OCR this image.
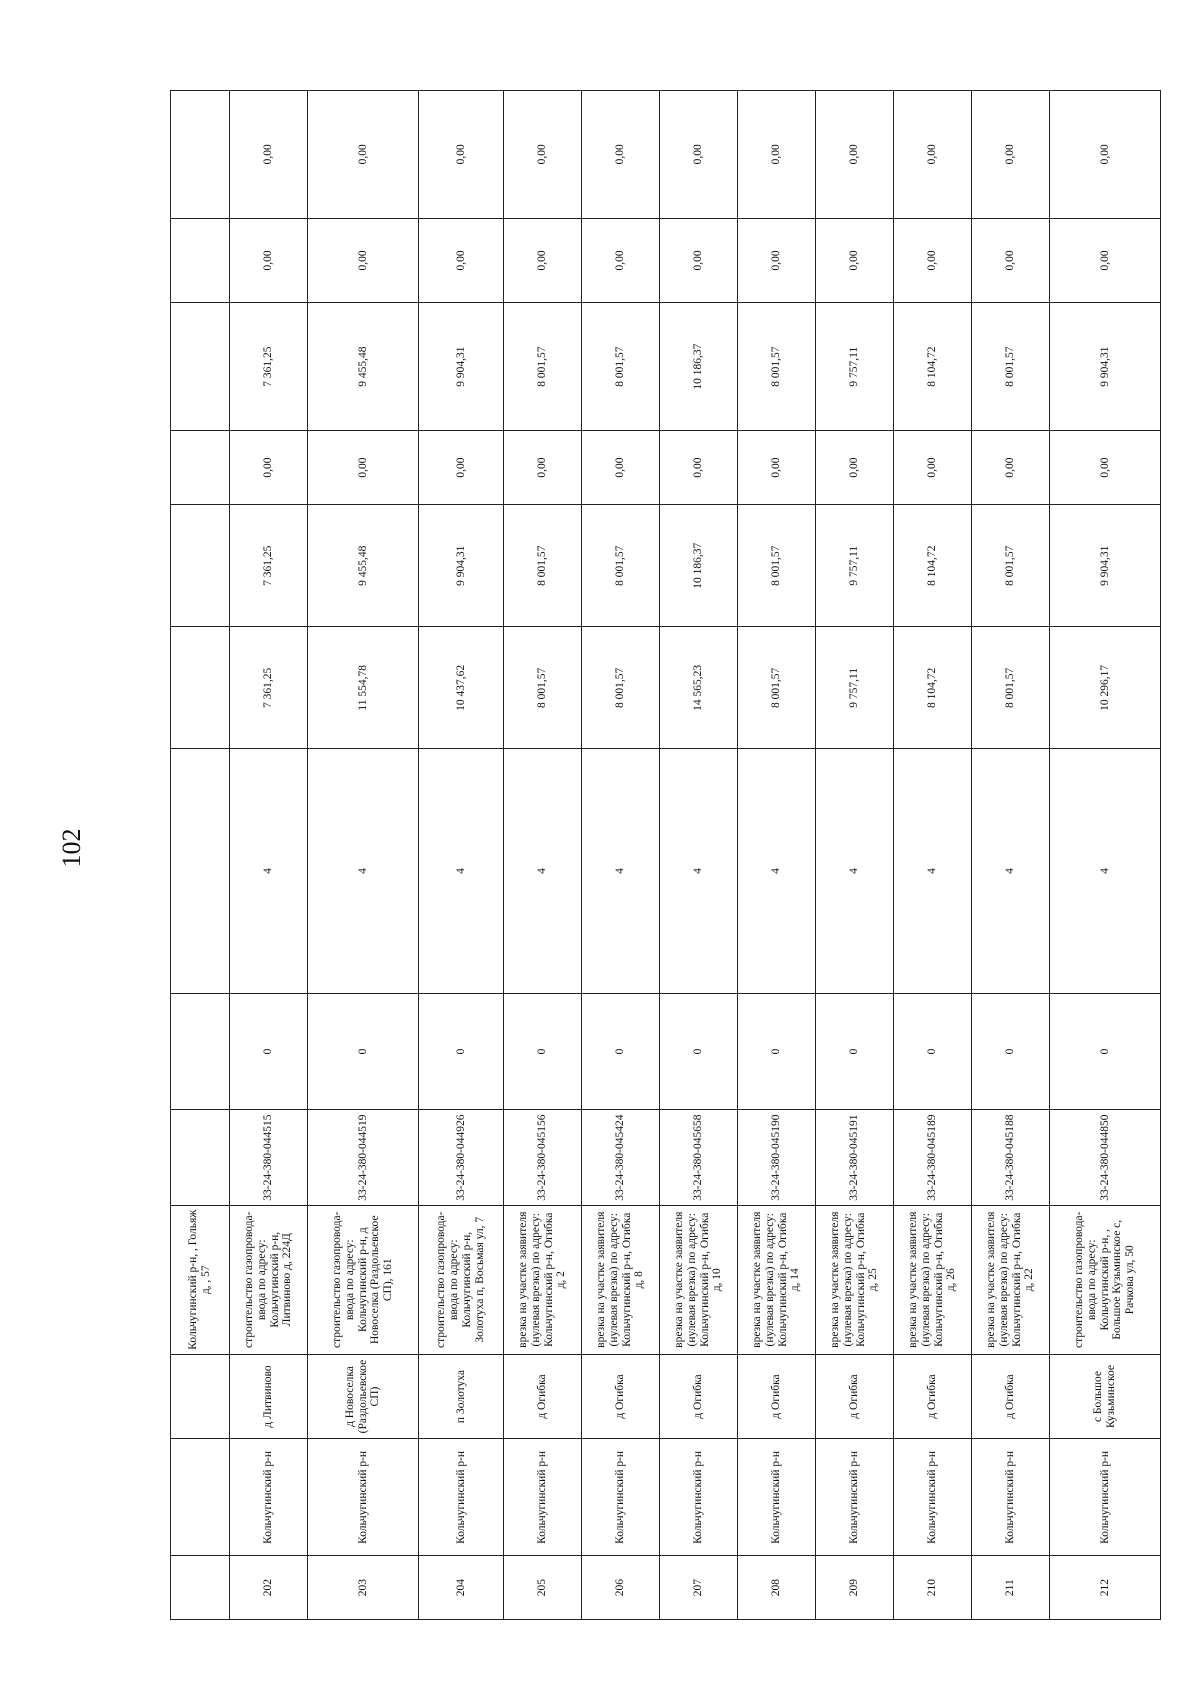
102
			Кольчугинский р-н, , Гольяж д, , 57									
202	Кольчугинский р-н	д Литвиново	строительство газопровода-ввода по адресу: Кольчугинский р-н, Литвиново д, 224Д	33-24-380-044515	0	4	7 361,25	7 361,25	0,00	7 361,25	0,00	0,00
203	Кольчугинский р-н	д Новоселка (Раздольевское СП)	строительство газопровода-ввода по адресу: Кольчугинский р-н, д Новоселка (Раздольевское СП), 161	33-24-380-044519	0	4	11 554,78	9 455,48	0,00	9 455,48	0,00	0,00
204	Кольчугинский р-н	п Золотуха	строительство газопровода-ввода по адресу: Кольчугинский р-н, Золотуха п, Восьмая ул, 7	33-24-380-044926	0	4	10 437,62	9 904,31	0,00	9 904,31	0,00	0,00
205	Кольчугинский р-н	д Огибка	врезка на участке заявителя (нулевая врезка) по адресу: Кольчугинский р-н, Огибка д, 2	33-24-380-045156	0	4	8 001,57	8 001,57	0,00	8 001,57	0,00	0,00
206	Кольчугинский р-н	д Огибка	врезка на участке заявителя (нулевая врезка) по адресу: Кольчугинский р-н, Огибка д, 8	33-24-380-045424	0	4	8 001,57	8 001,57	0,00	8 001,57	0,00	0,00
207	Кольчугинский р-н	д Огибка	врезка на участке заявителя (нулевая врезка) по адресу: Кольчугинский р-н, Огибка д, 10	33-24-380-045658	0	4	14 565,23	10 186,37	0,00	10 186,37	0,00	0,00
208	Кольчугинский р-н	д Огибка	врезка на участке заявителя (нулевая врезка) по адресу: Кольчугинский р-н, Огибка д, 14	33-24-380-045190	0	4	8 001,57	8 001,57	0,00	8 001,57	0,00	0,00
209	Кольчугинский р-н	д Огибка	врезка на участке заявителя (нулевая врезка) по адресу: Кольчугинский р-н, Огибка д, 25	33-24-380-045191	0	4	9 757,11	9 757,11	0,00	9 757,11	0,00	0,00
210	Кольчугинский р-н	д Огибка	врезка на участке заявителя (нулевая врезка) по адресу: Кольчугинский р-н, Огибка д, 26	33-24-380-045189	0	4	8 104,72	8 104,72	0,00	8 104,72	0,00	0,00
211	Кольчугинский р-н	д Огибка	врезка на участке заявителя (нулевая врезка) по адресу: Кольчугинский р-н, Огибка д, 22	33-24-380-045188	0	4	8 001,57	8 001,57	0,00	8 001,57	0,00	0,00
212	Кольчугинский р-н	с Большое Кузьминское	строительство газопровода-ввода по адресу: Кольчугинский р-н, , Большое Кузьминское с, Рачкова ул, 50	33-24-380-044850	0	4	10 296,17	9 904,31	0,00	9 904,31	0,00	0,00
